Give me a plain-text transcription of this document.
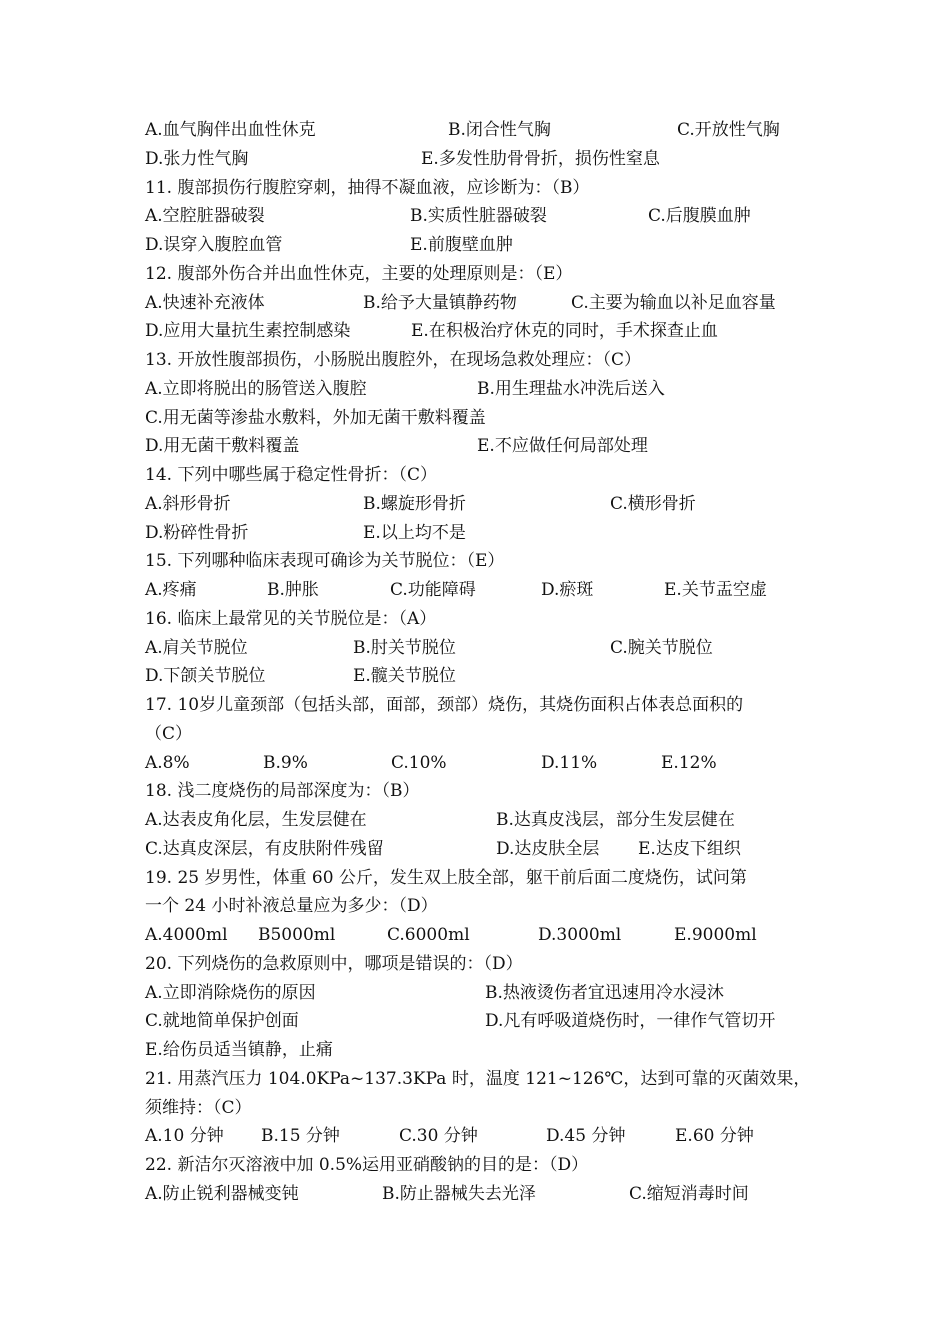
A.血气胸伴出血性休克	B.闭合性气胸	C.开放性气胸
D.张力性气胸	E.多发性肋骨骨折，损伤性窒息
11. 腹部损伤行腹腔穿刺，抽得不凝血液，应诊断为：（B）
A.空腔脏器破裂	B.实质性脏器破裂	C.后腹膜血肿
D.误穿入腹腔血管	E.前腹壁血肿
12. 腹部外伤合并出血性休克，主要的处理原则是：（E）
A.快速补充液体	B.给予大量镇静药物	C.主要为输血以补足血容量
D.应用大量抗生素控制感染	E.在积极治疗休克的同时，手术探查止血
13. 开放性腹部损伤，小肠脱出腹腔外，在现场急救处理应：（C）
A.立即将脱出的肠管送入腹腔	B.用生理盐水冲洗后送入
C.用无菌等渗盐水敷料，外加无菌干敷料覆盖
D.用无菌干敷料覆盖	E.不应做任何局部处理
14. 下列中哪些属于稳定性骨折：（C）
A.斜形骨折	B.螺旋形骨折	C.横形骨折
D.粉碎性骨折	E.以上均不是
15. 下列哪种临床表现可确诊为关节脱位：（E）
A.疼痛	B.肿胀	C.功能障碍	D.瘀斑	E.关节盂空虚
16. 临床上最常见的关节脱位是：（A）
A.肩关节脱位	B.肘关节脱位	C.腕关节脱位
D.下颌关节脱位	E.髋关节脱位
17. 10岁儿童颈部（包括头部，面部，颈部）烧伤，其烧伤面积占体表总面积的
（C）
A.8%	B.9%	C.10%	D.11%	E.12%
18. 浅二度烧伤的局部深度为：（B）
A.达表皮角化层，生发层健在	B.达真皮浅层，部分生发层健在
C.达真皮深层，有皮肤附件残留	D.达皮肤全层 E.达皮下组织
19. 25 岁男性，体重 60 公斤，发生双上肢全部，躯干前后面二度烧伤，试问第
一个 24 小时补液总量应为多少：（D）
A.4000ml B5000ml	C.6000ml	D.3000ml	E.9000ml
20. 下列烧伤的急救原则中，哪项是错误的：（D）
A.立即消除烧伤的原因	B.热液烫伤者宜迅速用冷水浸沐
C.就地简单保护创面	D.凡有呼吸道烧伤时，一律作气管切开
E.给伤员适当镇静，止痛
21. 用蒸汽压力 104.0KPa~137.3KPa 时，温度 121~126℃，达到可靠的灭菌效果，
须维持：（C）
A.10 分钟 B.15 分钟	C.30 分钟	D.45 分钟	E.60 分钟
22. 新洁尔灭溶液中加 0.5%运用亚硝酸钠的目的是：（D）
A.防止锐利器械变钝	B.防止器械失去光泽	C.缩短消毒时间
